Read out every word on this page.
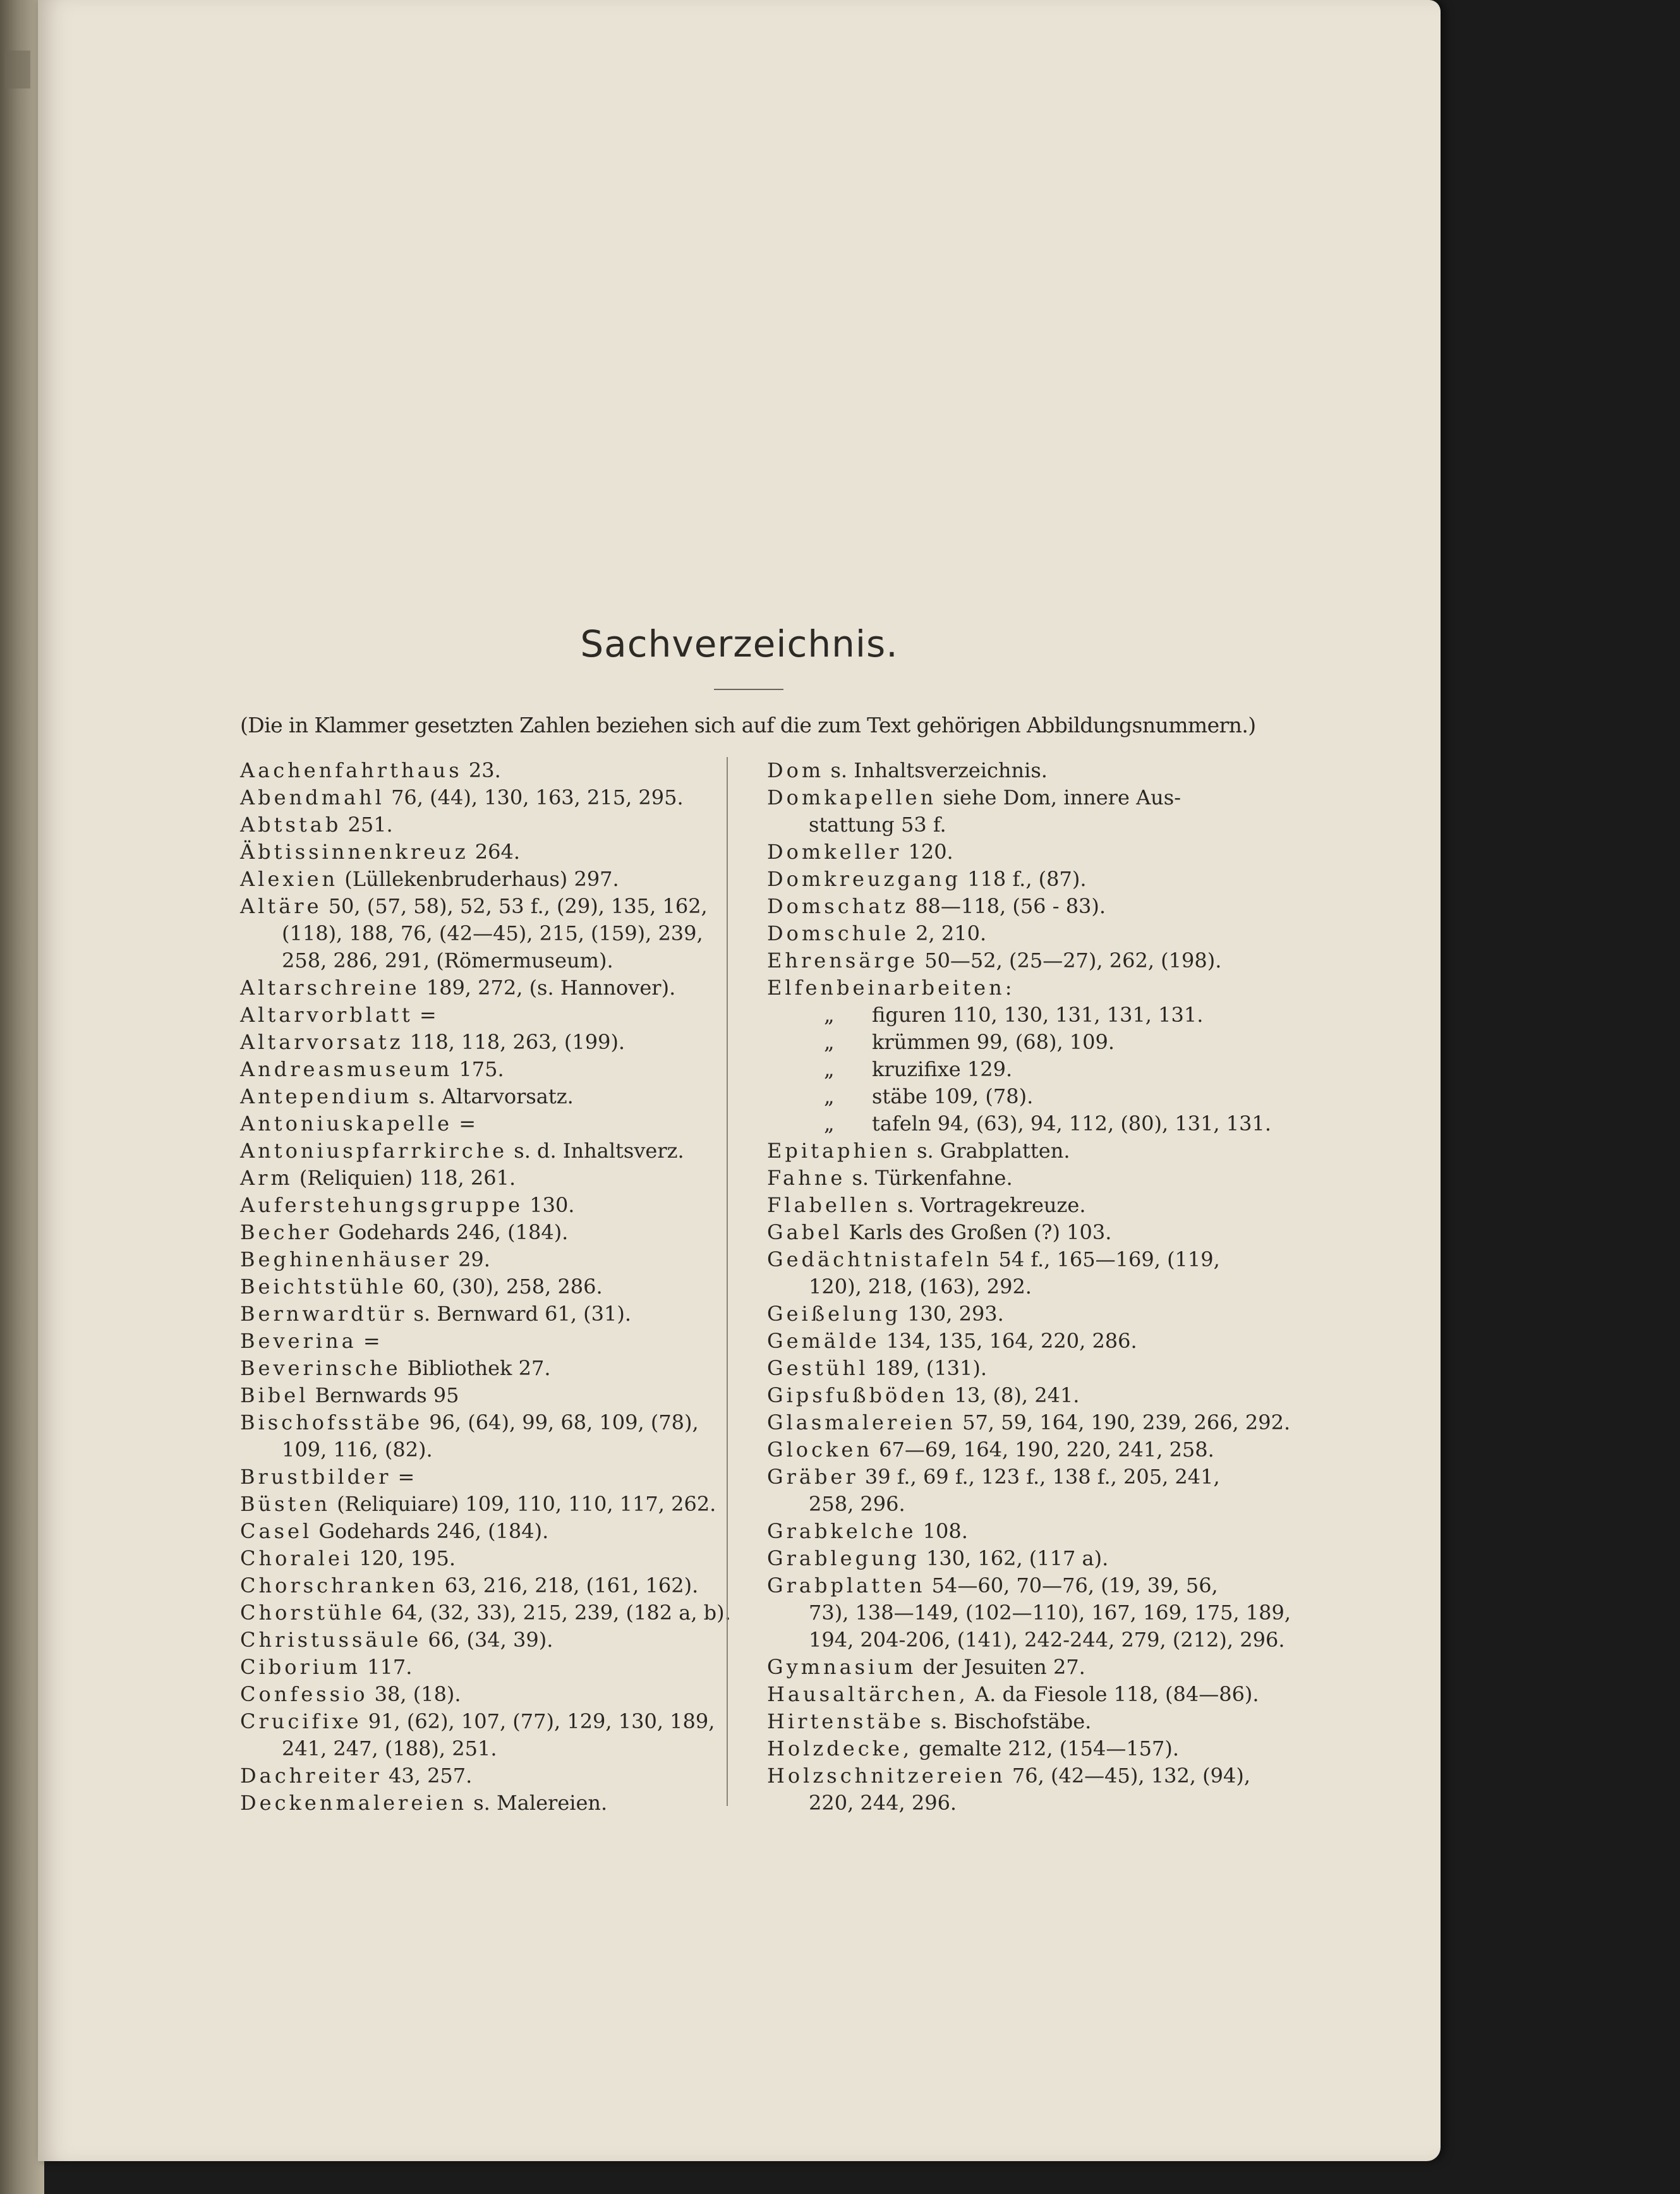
Sachverzeichnis.
(Die in Klammer gesetzten Zahlen beziehen sich auf die zum Text gehörigen Abbildungsnummern.)
Aachenfahrthaus 23.
Abendmahl 76, (44), 130, 163, 215, 295.
Abtstab 251.
Äbtissinnenkreuz 264.
Alexien (Lüllekenbruderhaus) 297.
Altäre 50, (57, 58), 52, 53 f., (29), 135, 162,
(118), 188, 76, (42—45), 215, (159), 239,
258, 286, 291, (Römermuseum).
Altarschreine 189, 272, (s. Hannover).
Altarvorblatt =
Altarvorsatz 118, 118, 263, (199).
Andreasmuseum 175.
Antependium s. Altarvorsatz.
Antoniuskapelle =
Antoniuspfarrkirche s. d. Inhaltsverz.
Arm (Reliquien) 118, 261.
Auferstehungsgruppe 130.
Becher Godehards 246, (184).
Beghinenhäuser 29.
Beichtstühle 60, (30), 258, 286.
Bernwardtür s. Bernward 61, (31).
Beverina =
Beverinsche Bibliothek 27.
Bibel Bernwards 95
Bischofsstäbe 96, (64), 99, 68, 109, (78),
109, 116, (82).
Brustbilder =
Büsten (Reliquiare) 109, 110, 110, 117, 262.
Casel Godehards 246, (184).
Choralei 120, 195.
Chorschranken 63, 216, 218, (161, 162).
Chorstühle 64, (32, 33), 215, 239, (182 a, b).
Christussäule 66, (34, 39).
Ciborium 117.
Confessio 38, (18).
Crucifixe 91, (62), 107, (77), 129, 130, 189,
241, 247, (188), 251.
Dachreiter 43, 257.
Deckenmalereien s. Malereien.
Dom s. Inhaltsverzeichnis.
Domkapellen siehe Dom, innere Aus-
stattung 53 f.
Domkeller 120.
Domkreuzgang 118 f., (87).
Domschatz 88—118, (56 - 83).
Domschule 2, 210.
Ehrensärge 50—52, (25—27), 262, (198).
Elfenbeinarbeiten:
„ figuren 110, 130, 131, 131, 131.
„ krümmen 99, (68), 109.
„ kruzifixe 129.
„ stäbe 109, (78).
„ tafeln 94, (63), 94, 112, (80), 131, 131.
Epitaphien s. Grabplatten.
Fahne s. Türkenfahne.
Flabellen s. Vortragekreuze.
Gabel Karls des Großen (?) 103.
Gedächtnistafeln 54 f., 165—169, (119,
120), 218, (163), 292.
Geißelung 130, 293.
Gemälde 134, 135, 164, 220, 286.
Gestühl 189, (131).
Gipsfußböden 13, (8), 241.
Glasmalereien 57, 59, 164, 190, 239, 266, 292.
Glocken 67—69, 164, 190, 220, 241, 258.
Gräber 39 f., 69 f., 123 f., 138 f., 205, 241,
258, 296.
Grabkelche 108.
Grablegung 130, 162, (117 a).
Grabplatten 54—60, 70—76, (19, 39, 56,
73), 138—149, (102—110), 167, 169, 175, 189,
194, 204-206, (141), 242-244, 279, (212), 296.
Gymnasium der Jesuiten 27.
Hausaltärchen, A. da Fiesole 118, (84—86).
Hirtenstäbe s. Bischofstäbe.
Holzdecke, gemalte 212, (154—157).
Holzschnitzereien 76, (42—45), 132, (94),
220, 244, 296.
